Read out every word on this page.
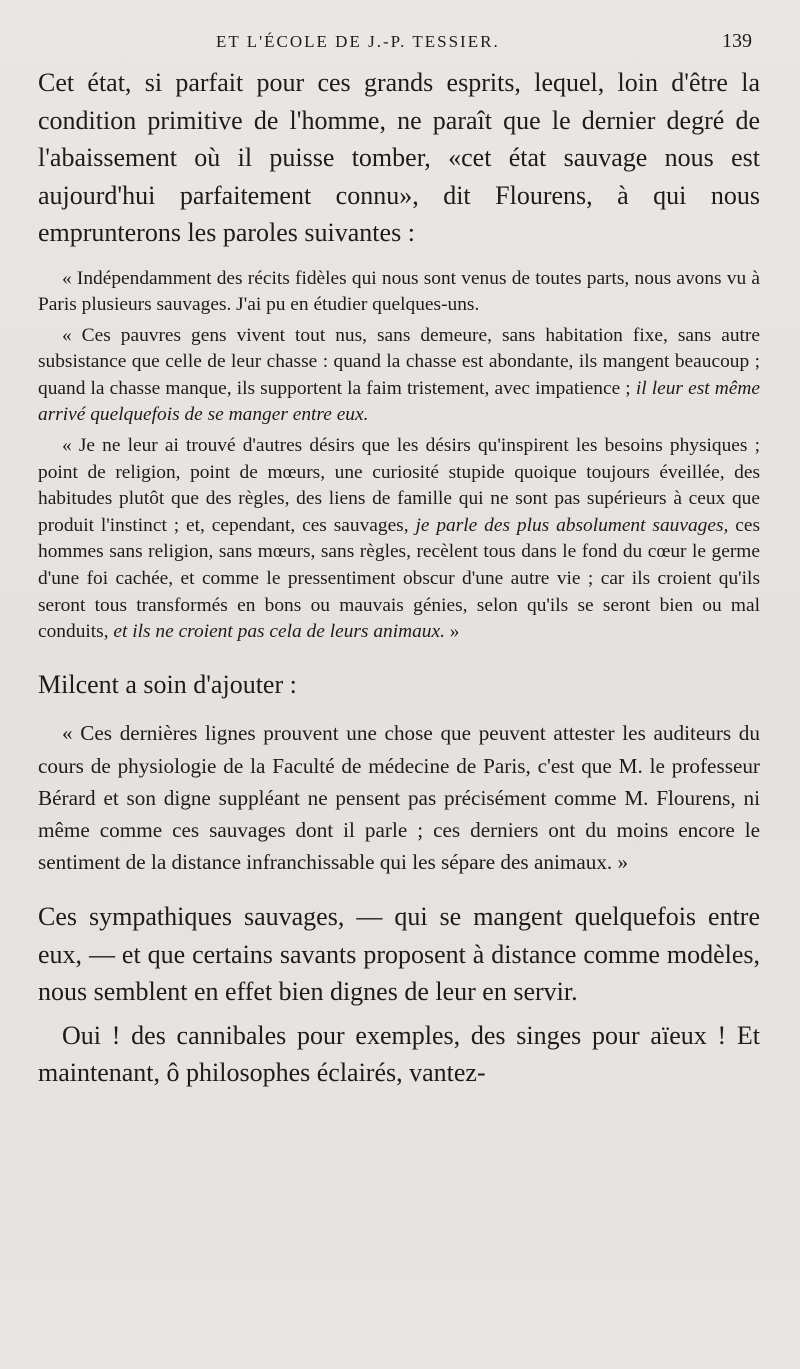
ET L'ÉCOLE DE J.-P. TESSIER.	139

Cet état, si parfait pour ces grands esprits, lequel, loin d'être la condition primitive de l'homme, ne paraît que le dernier degré de l'abaissement où il puisse tomber, «cet état sauvage nous est aujourd'hui parfaitement connu», dit Flourens, à qui nous emprunterons les paroles suivantes :

« Indépendamment des récits fidèles qui nous sont venus de toutes parts, nous avons vu à Paris plusieurs sauvages. J'ai pu en étudier quelques-uns.

« Ces pauvres gens vivent tout nus, sans demeure, sans habitation fixe, sans autre subsistance que celle de leur chasse : quand la chasse est abondante, ils mangent beaucoup ; quand la chasse manque, ils supportent la faim tristement, avec impatience ; il leur est même arrivé quelquefois de se manger entre eux.

« Je ne leur ai trouvé d'autres désirs que les désirs qu'inspirent les besoins physiques ; point de religion, point de mœurs, une curiosité stupide quoique toujours éveillée, des habitudes plutôt que des règles, des liens de famille qui ne sont pas supérieurs à ceux que produit l'instinct ; et, cependant, ces sauvages, je parle des plus absolument sauvages, ces hommes sans religion, sans mœurs, sans règles, recèlent tous dans le fond du cœur le germe d'une foi cachée, et comme le pressentiment obscur d'une autre vie ; car ils croient qu'ils seront tous transformés en bons ou mauvais génies, selon qu'ils se seront bien ou mal conduits, et ils ne croient pas cela de leurs animaux. »

Milcent a soin d'ajouter :

« Ces dernières lignes prouvent une chose que peuvent attester les auditeurs du cours de physiologie de la Faculté de médecine de Paris, c'est que M. le professeur Bérard et son digne suppléant ne pensent pas précisément comme M. Flourens, ni même comme ces sauvages dont il parle ; ces derniers ont du moins encore le sentiment de la distance infranchissable qui les sépare des animaux. »

Ces sympathiques sauvages, — qui se mangent quelquefois entre eux, — et que certains savants proposent à distance comme modèles, nous semblent en effet bien dignes de leur en servir.

Oui ! des cannibales pour exemples, des singes pour aïeux ! Et maintenant, ô philosophes éclairés, vantez-
